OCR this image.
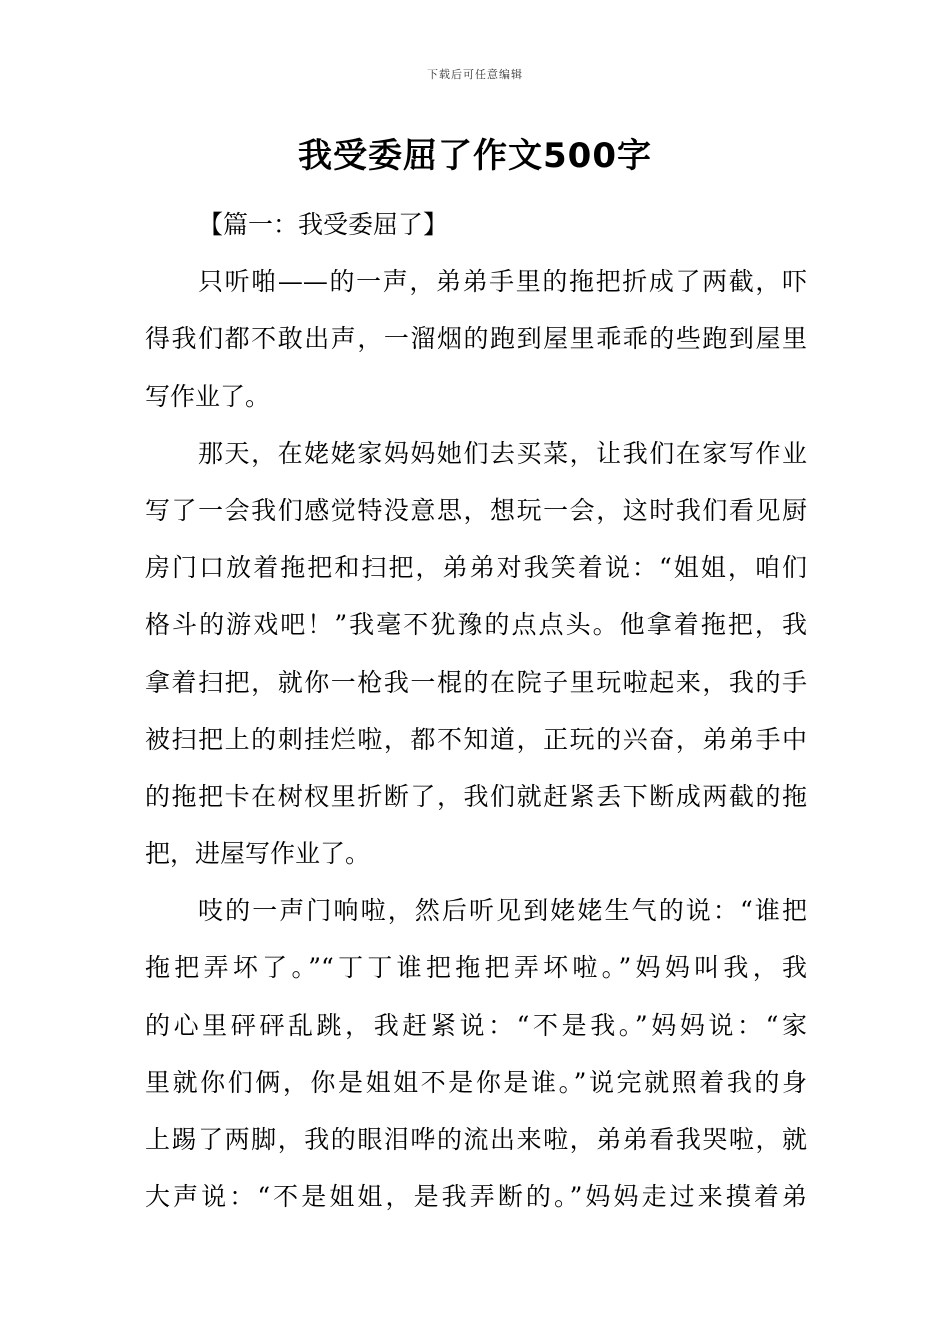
下载后可任意编辑
我受委屈了作文500字
【篇一：我受委屈了】
只听啪——的一声，弟弟手里的拖把折成了两截，吓
得我们都不敢出声，一溜烟的跑到屋里乖乖的些跑到屋里
写作业了。
那天，在姥姥家妈妈她们去买菜，让我们在家写作业
写了一会我们感觉特没意思，想玩一会，这时我们看见厨
房门口放着拖把和扫把，弟弟对我笑着说：“姐姐，咱们
格斗的游戏吧！”我毫不犹豫的点点头。他拿着拖把，我
拿着扫把，就你一枪我一棍的在院子里玩啦起来，我的手
被扫把上的刺挂烂啦，都不知道，正玩的兴奋，弟弟手中
的拖把卡在树杈里折断了，我们就赶紧丢下断成两截的拖
把，进屋写作业了。
吱的一声门响啦，然后听见到姥姥生气的说：“谁把
拖把弄坏了。”“丁丁谁把拖把弄坏啦。”妈妈叫我，我
的心里砰砰乱跳，我赶紧说：“不是我。”妈妈说：“家
里就你们俩，你是姐姐不是你是谁。”说完就照着我的身
上踢了两脚，我的眼泪哗的流出来啦，弟弟看我哭啦，就
大声说：“不是姐姐，是我弄断的。”妈妈走过来摸着弟
